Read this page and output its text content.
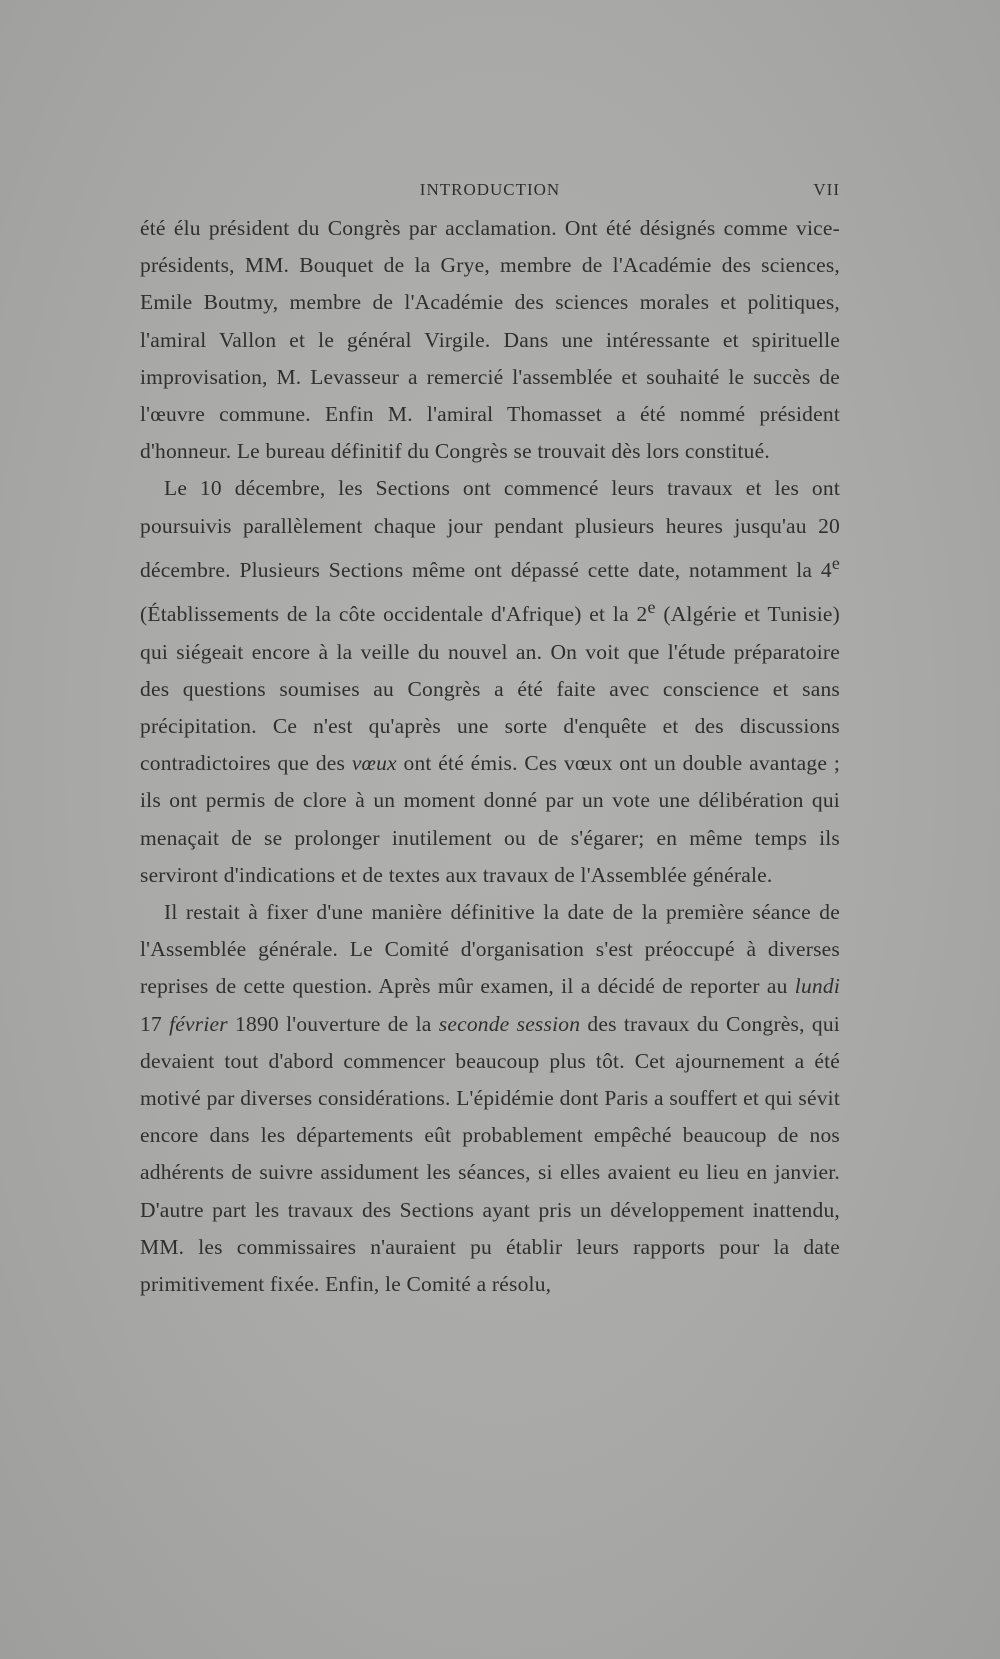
INTRODUCTION	VII

été élu président du Congrès par acclamation. Ont été désignés comme vice-présidents, MM. Bouquet de la Grye, membre de l'Académie des sciences, Emile Boutmy, membre de l'Académie des sciences morales et politiques, l'amiral Vallon et le général Virgile. Dans une intéressante et spirituelle improvisation, M. Levasseur a remercié l'assemblée et souhaité le succès de l'œuvre commune. Enfin M. l'amiral Thomasset a été nommé président d'honneur. Le bureau définitif du Congrès se trouvait dès lors constitué.

Le 10 décembre, les Sections ont commencé leurs travaux et les ont poursuivis parallèlement chaque jour pendant plusieurs heures jusqu'au 20 décembre. Plusieurs Sections même ont dépassé cette date, notamment la 4e (Établissements de la côte occidentale d'Afrique) et la 2e (Algérie et Tunisie) qui siégeait encore à la veille du nouvel an. On voit que l'étude préparatoire des questions soumises au Congrès a été faite avec conscience et sans précipitation. Ce n'est qu'après une sorte d'enquête et des discussions contradictoires que des vœux ont été émis. Ces vœux ont un double avantage ; ils ont permis de clore à un moment donné par un vote une délibération qui menaçait de se prolonger inutilement ou de s'égarer; en même temps ils serviront d'indications et de textes aux travaux de l'Assemblée générale.

Il restait à fixer d'une manière définitive la date de la première séance de l'Assemblée générale. Le Comité d'organisation s'est préoccupé à diverses reprises de cette question. Après mûr examen, il a décidé de reporter au lundi 17 février 1890 l'ouverture de la seconde session des travaux du Congrès, qui devaient tout d'abord commencer beaucoup plus tôt. Cet ajournement a été motivé par diverses considérations. L'épidémie dont Paris a souffert et qui sévit encore dans les départements eût probablement empêché beaucoup de nos adhérents de suivre assidument les séances, si elles avaient eu lieu en janvier. D'autre part les travaux des Sections ayant pris un développement inattendu, MM. les commissaires n'auraient pu établir leurs rapports pour la date primitivement fixée. Enfin, le Comité a résolu,
